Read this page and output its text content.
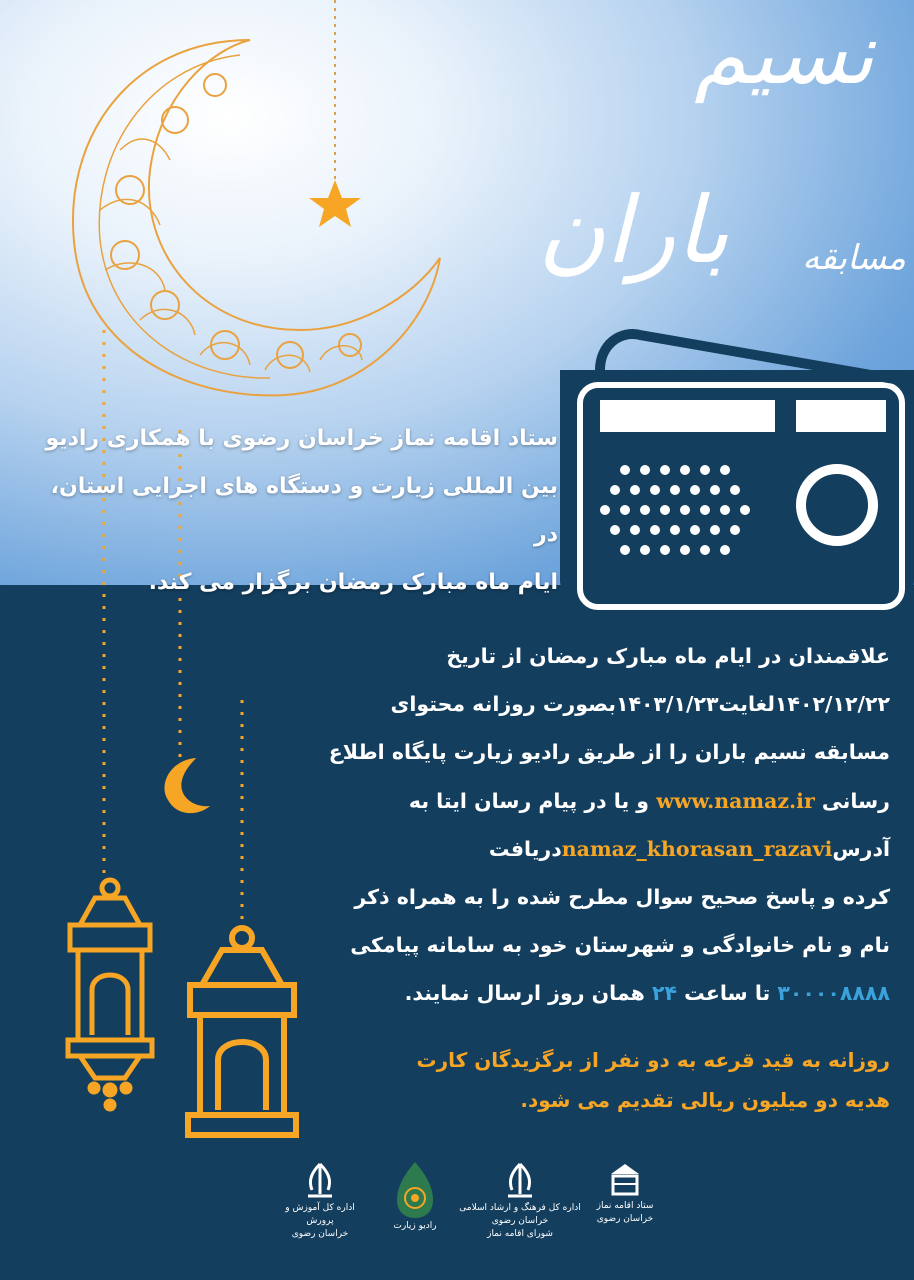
نسیم
باران مسابقه
ستاد اقامه نماز خراسان رضوی با همکاری رادیو
بین المللی زیارت و دستگاه های اجرایی استان، در
ایام ماه مبارک رمضان برگزار می کند.
علاقمندان در ایام ماه مبارک رمضان از تاریخ
۱۴۰۲/۱۲/۲۲لغایت۱۴۰۳/۱/۲۳بصورت روزانه محتوای
مسابقه نسیم باران را از طریق رادیو زیارت پایگاه اطلاع
رسانی www.namaz.ir و یا در پیام رسان ایتا به
آدرسnamaz_khorasan_razaviدریافت
کرده و پاسخ صحیح سوال مطرح شده را به همراه ذکر
نام و نام خانوادگی و شهرستان خود به سامانه پیامکی
۳۰۰۰۰۸۸۸۸ تا ساعت ۲۴ همان روز ارسال نمایند.
روزانه به قید قرعه به دو نفر از برگزیدگان کارت
هدیه دو میلیون ریالی تقدیم می شود.
اداره کل آموزش و پرورش
خراسان رضوی
رادیو زیارت
اداره کل فرهنگ و ارشاد اسلامی خراسان رضوی
شورای اقامه نماز
ستاد اقامه نماز
خراسان رضوی
